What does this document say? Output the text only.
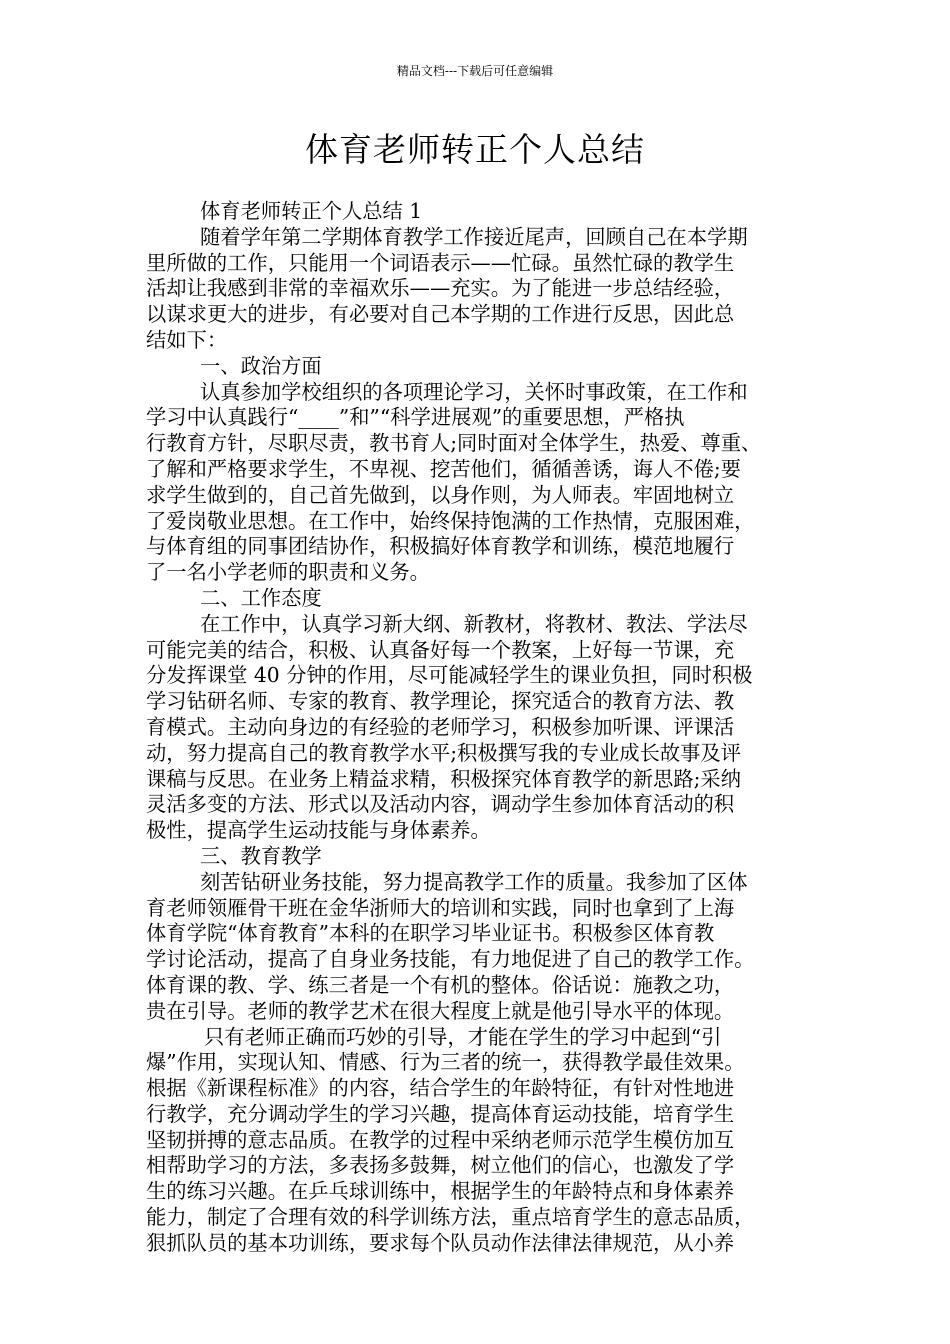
精品文档---下载后可任意编辑
体育老师转正个人总结
体育老师转正个人总结 1
随着学年第二学期体育教学工作接近尾声，回顾自己在本学期
里所做的工作，只能用一个词语表示——忙碌。虽然忙碌的教学生
活却让我感到非常的幸福欢乐——充实。为了能进一步总结经验，
以谋求更大的进步，有必要对自己本学期的工作进行反思，因此总
结如下：
一、政治方面
认真参加学校组织的各项理论学习，关怀时事政策，在工作和
学习中认真践行“____”和”“科学进展观”的重要思想，严格执
行教育方针，尽职尽责，教书育人;同时面对全体学生，热爱、尊重、
了解和严格要求学生，不卑视、挖苦他们，循循善诱，诲人不倦;要
求学生做到的，自己首先做到，以身作则，为人师表。牢固地树立
了爱岗敬业思想。在工作中，始终保持饱满的工作热情，克服困难，
与体育组的同事团结协作，积极搞好体育教学和训练，模范地履行
了一名小学老师的职责和义务。
二、工作态度
在工作中，认真学习新大纲、新教材，将教材、教法、学法尽
可能完美的结合，积极、认真备好每一个教案，上好每一节课，充
分发挥课堂 40 分钟的作用，尽可能减轻学生的课业负担，同时积极
学习钻研名师、专家的教育、教学理论，探究适合的教育方法、教
育模式。主动向身边的有经验的老师学习，积极参加听课、评课活
动，努力提高自己的教育教学水平;积极撰写我的专业成长故事及评
课稿与反思。在业务上精益求精，积极探究体育教学的新思路;采纳
灵活多变的方法、形式以及活动内容，调动学生参加体育活动的积
极性，提高学生运动技能与身体素养。
三、教育教学
刻苦钻研业务技能，努力提高教学工作的质量。我参加了区体
育老师领雁骨干班在金华浙师大的培训和实践，同时也拿到了上海
体育学院“体育教育”本科的在职学习毕业证书。积极参区体育教
学讨论活动，提高了自身业务技能，有力地促进了自己的教学工作。
体育课的教、学、练三者是一个有机的整体。俗话说：施教之功，
贵在引导。老师的教学艺术在很大程度上就是他引导水平的体现。
只有老师正确而巧妙的引导，才能在学生的学习中起到“引
爆”作用，实现认知、情感、行为三者的统一，获得教学最佳效果。
根据《新课程标准》的内容，结合学生的年龄特征，有针对性地进
行教学，充分调动学生的学习兴趣，提高体育运动技能，培育学生
坚韧拼搏的意志品质。在教学的过程中采纳老师示范学生模仿加互
相帮助学习的方法，多表扬多鼓舞，树立他们的信心，也激发了学
生的练习兴趣。在乒乓球训练中，根据学生的年龄特点和身体素养
能力，制定了合理有效的科学训练方法，重点培育学生的意志品质，
狠抓队员的基本功训练，要求每个队员动作法律法律规范，从小养
